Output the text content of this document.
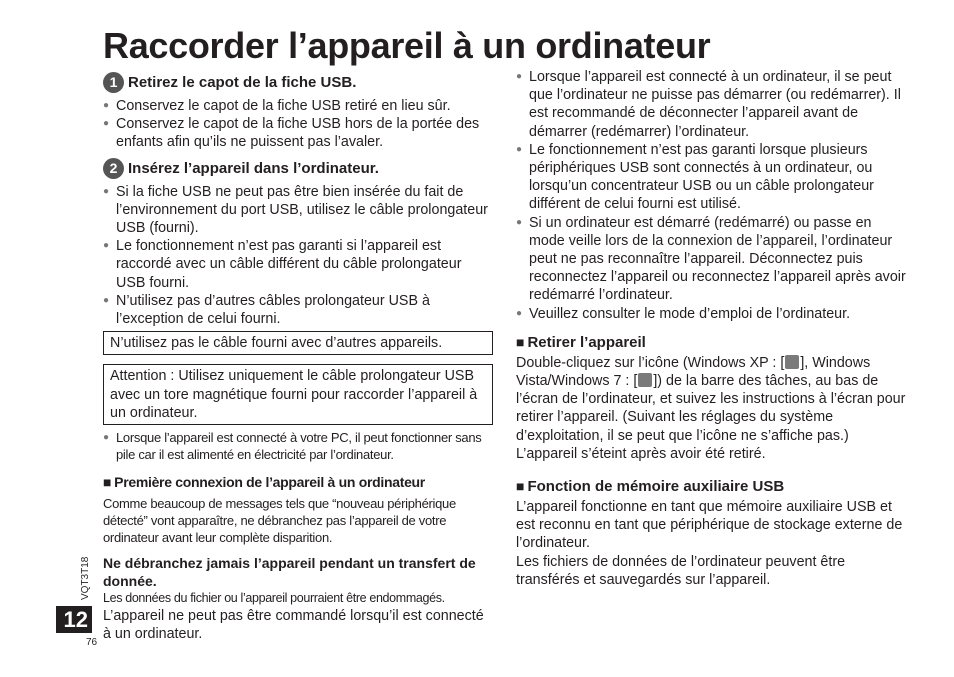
Raccorder l’appareil à un ordinateur
1 Retirez le capot de la fiche USB.
● Conservez le capot de la fiche USB retiré en lieu sûr.
● Conservez le capot de la fiche USB hors de la portée des enfants afin qu’ils ne puissent pas l’avaler.
2 Insérez l’appareil dans l’ordinateur.
● Si la fiche USB ne peut pas être bien insérée du fait de l’environnement du port USB, utilisez le câble prolongateur USB (fourni).
● Le fonctionnement n’est pas garanti si l’appareil est raccordé avec un câble différent du câble prolongateur USB fourni.
● N’utilisez pas d’autres câbles prolongateur USB à l’exception de celui fourni.
N’utilisez pas le câble fourni avec d’autres appareils.
Attention : Utilisez uniquement le câble prolongateur USB avec un tore magnétique fourni pour raccorder l’appareil à un ordinateur.
● Lorsque l’appareil est connecté à votre PC, il peut fonctionner sans pile car il est alimenté en électricité par l’ordinateur.
■ Première connexion de l’appareil à un ordinateur
Comme beaucoup de messages tels que “nouveau périphérique détecté” vont apparaître, ne débranchez pas l’appareil de votre ordinateur avant leur complète disparition.
Ne débranchez jamais l’appareil pendant un transfert de donnée.
Les données du fichier ou l’appareil pourraient être endommagés.
L’appareil ne peut pas être commandé lorsqu’il est connecté à un ordinateur.
● Lorsque l’appareil est connecté à un ordinateur, il se peut que l’ordinateur ne puisse pas démarrer (ou redémarrer). Il est recommandé de déconnecter l’appareil avant de démarrer (redémarrer) l’ordinateur.
● Le fonctionnement n’est pas garanti lorsque plusieurs périphériques USB sont connectés à un ordinateur, ou lorsqu’un concentrateur USB ou un câble prolongateur différent de celui fourni est utilisé.
● Si un ordinateur est démarré (redémarré) ou passe en mode veille lors de la connexion de l’appareil, l’ordinateur peut ne pas reconnaître l’appareil. Déconnectez puis reconnectez l’appareil ou reconnectez l’appareil après avoir redémarré l’ordinateur.
● Veuillez consulter le mode d’emploi de l’ordinateur.
■ Retirer l’appareil
Double-cliquez sur l’icône (Windows XP : [ ], Windows Vista/Windows 7 : [ ]) de la barre des tâches, au bas de l’écran de l’ordinateur, et suivez les instructions à l’écran pour retirer l’appareil. (Suivant les réglages du système d’exploitation, il se peut que l’icône ne s’affiche pas.)
L’appareil s’éteint après avoir été retiré.
■ Fonction de mémoire auxiliaire USB
L’appareil fonctionne en tant que mémoire auxiliaire USB et est reconnu en tant que périphérique de stockage externe de l’ordinateur.
Les fichiers de données de l’ordinateur peuvent être transférés et sauvegardés sur l’appareil.
VQT3T18
12
76
